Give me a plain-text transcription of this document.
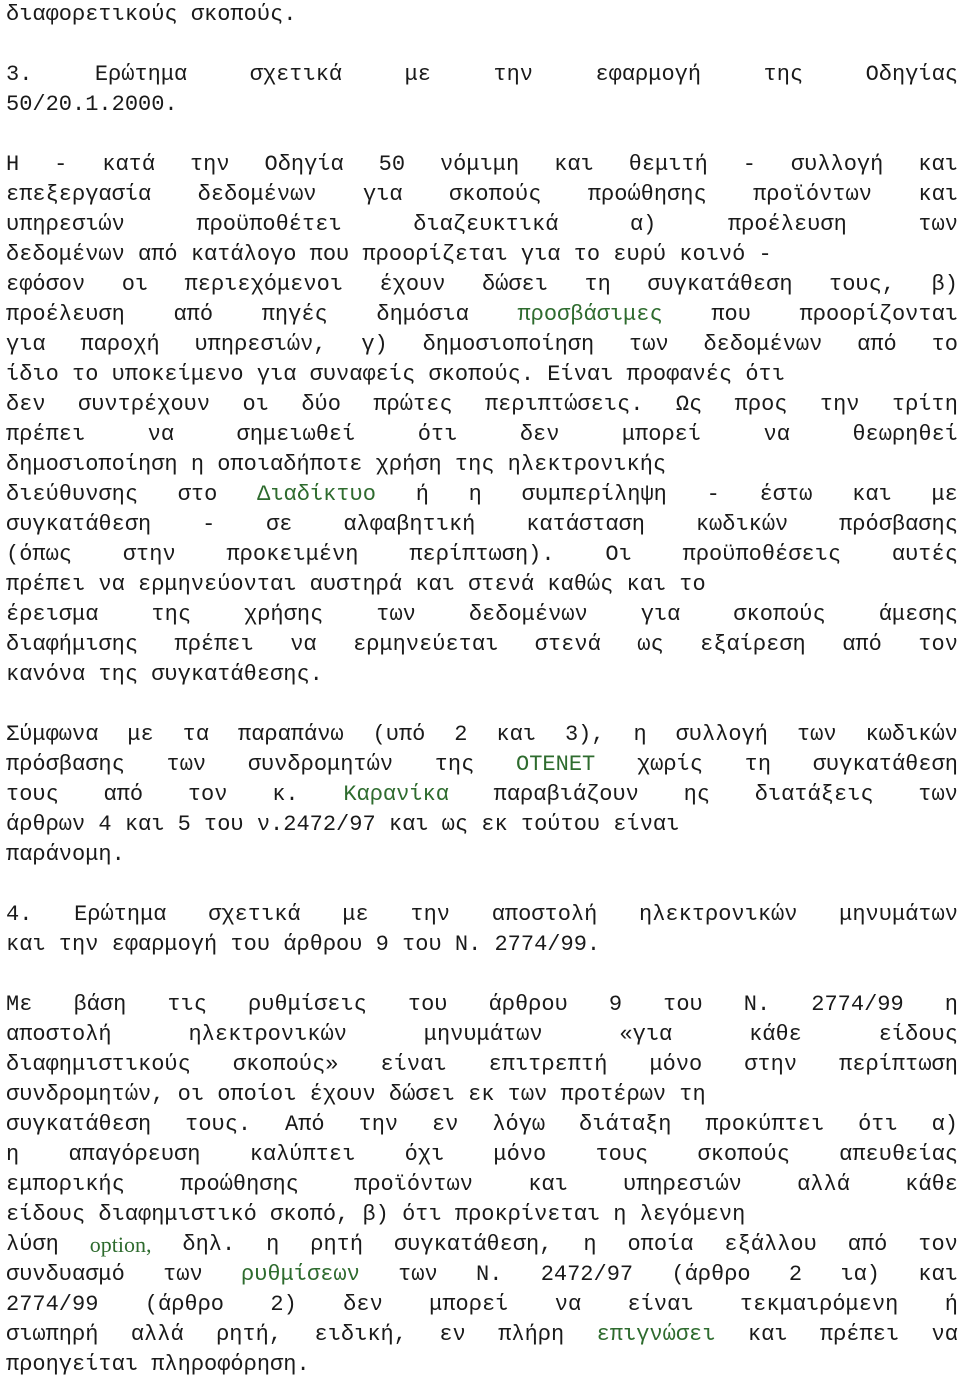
διαφορετικούς σκοπούς.

3.	Ερώτημα	σχετικά	με	την	εφαρμογή	της	Οδηγίας

50/20.1.2000.

Η - κατά την Οδηγία 50 νόμιμη και θεμιτή - συλλογή και

επεξεργασία δεδομένων για σκοπούς προώθησης προϊόντων και

υπηρεσιών	προϋποθέτει	διαζευκτικά	α)	προέλευση	των

δεδομένων από κατάλογο που προορίζεται για το ευρύ κοινό -

εφόσον οι περιεχόμενοι έχουν δώσει τη συγκατάθεση τους, β)

προέλευση από πηγές δημόσια προσβάσιμες που προορίζονται

για παροχή υπηρεσιών, γ) δημοσιοποίηση των δεδομένων από το

ίδιο το υποκείμενο για συναφείς σκοπούς. Είναι προφανές ότι

δεν συντρέχουν οι δύο πρώτες περιπτώσεις. Ως προς την τρίτη

πρέπει	να	σημειωθεί	ότι	δεν	μπορεί	να	θεωρηθεί

δημοσιοποίηση η οποιαδήποτε χρήση της ηλεκτρονικής

διεύθυνσης στο Διαδίκτυο ή η συμπερίληψη - έστω και με

συγκατάθεση - σε αλφαβητική κατάσταση κωδικών πρόσβασης

(όπως στην προκειμένη περίπτωση). Οι προϋποθέσεις αυτές

πρέπει να ερμηνεύονται αυστηρά και στενά καθώς και το

έρεισμα της χρήσης των δεδομένων για σκοπούς άμεσης

διαφήμισης πρέπει να ερμηνεύεται στενά ως εξαίρεση από τον

κανόνα της συγκατάθεσης.

Σύμφωνα με τα παραπάνω (υπό 2 και 3), η συλλογή των κωδικών

πρόσβασης των συνδρομητών της ΟΤΕΝΕΤ χωρίς τη συγκατάθεση

τους από τον κ. Καρανίκα παραβιάζουν ης διατάξεις των

άρθρων 4 και 5 του ν.2472/97 και ως εκ τούτου είναι

παράνομη.

4. Ερώτημα σχετικά με την αποστολή ηλεκτρονικών μηνυμάτων

και την εφαρμογή του άρθρου 9 του Ν. 2774/99.

Με βάση τις ρυθμίσεις του άρθρου 9 του Ν. 2774/99 η

αποστολή	ηλεκτρονικών	μηνυμάτων	«για	κάθε	είδους

διαφημιστικούς σκοπούς» είναι επιτρεπτή μόνο στην περίπτωση

συνδρομητών, οι οποίοι έχουν δώσει εκ των προτέρων τη

συγκατάθεση τους. Από την εν λόγω διάταξη προκύπτει ότι α)

η απαγόρευση καλύπτει όχι μόνο τους σκοπούς απευθείας

εμπορικής	προώθησης	προϊόντων	και	υπηρεσιών	αλλά	κάθε

είδους διαφημιστικό σκοπό, β) ότι προκρίνεται η λεγόμενη

λύση option, δηλ. η ρητή συγκατάθεση, η οποία εξάλλου από τον

συνδυασμό των ρυθμίσεων των Ν. 2472/97 (άρθρο 2 ια) και

2774/99 (άρθρο 2) δεν μπορεί να είναι τεκμαιρόμενη ή

σιωπηρή αλλά ρητή, ειδική, εν πλήρη επιγνώσει και πρέπει να

προηγείται πληροφόρηση.
